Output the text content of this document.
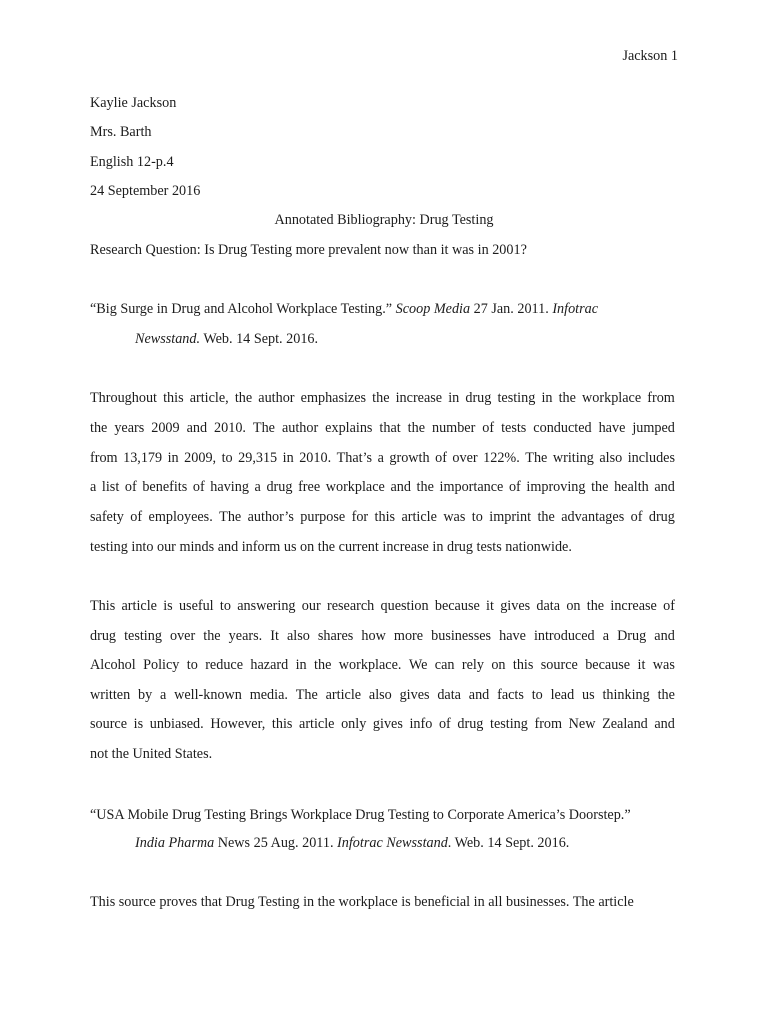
Jackson 1
Kaylie Jackson
Mrs. Barth
English 12-p.4
24 September 2016
Annotated Bibliography: Drug Testing
Research Question: Is Drug Testing more prevalent now than it was in 2001?
“Big Surge in Drug and Alcohol Workplace Testing.” Scoop Media 27 Jan. 2011. Infotrac
Newsstand. Web. 14 Sept. 2016.
Throughout this article, the author emphasizes the increase in drug testing in the workplace from
the years 2009 and 2010. The author explains that the number of tests conducted have jumped
from 13,179 in 2009, to 29,315 in 2010. That’s a growth of over 122%. The writing also includes
a list of benefits of having a drug free workplace and the importance of improving the health and
safety of employees. The author’s purpose for this article was to imprint the advantages of drug
testing into our minds and inform us on the current increase in drug tests nationwide.
This article is useful to answering our research question because it gives data on the increase of
drug testing over the years. It also shares how more businesses have introduced a Drug and
Alcohol Policy to reduce hazard in the workplace. We can rely on this source because it was
written by a well-known media. The article also gives data and facts to lead us thinking the
source is unbiased. However, this article only gives info of drug testing from New Zealand and
not the United States.
“USA Mobile Drug Testing Brings Workplace Drug Testing to Corporate America’s Doorstep.”
India Pharma News 25 Aug. 2011. Infotrac Newsstand. Web. 14 Sept. 2016.
This source proves that Drug Testing in the workplace is beneficial in all businesses. The article
